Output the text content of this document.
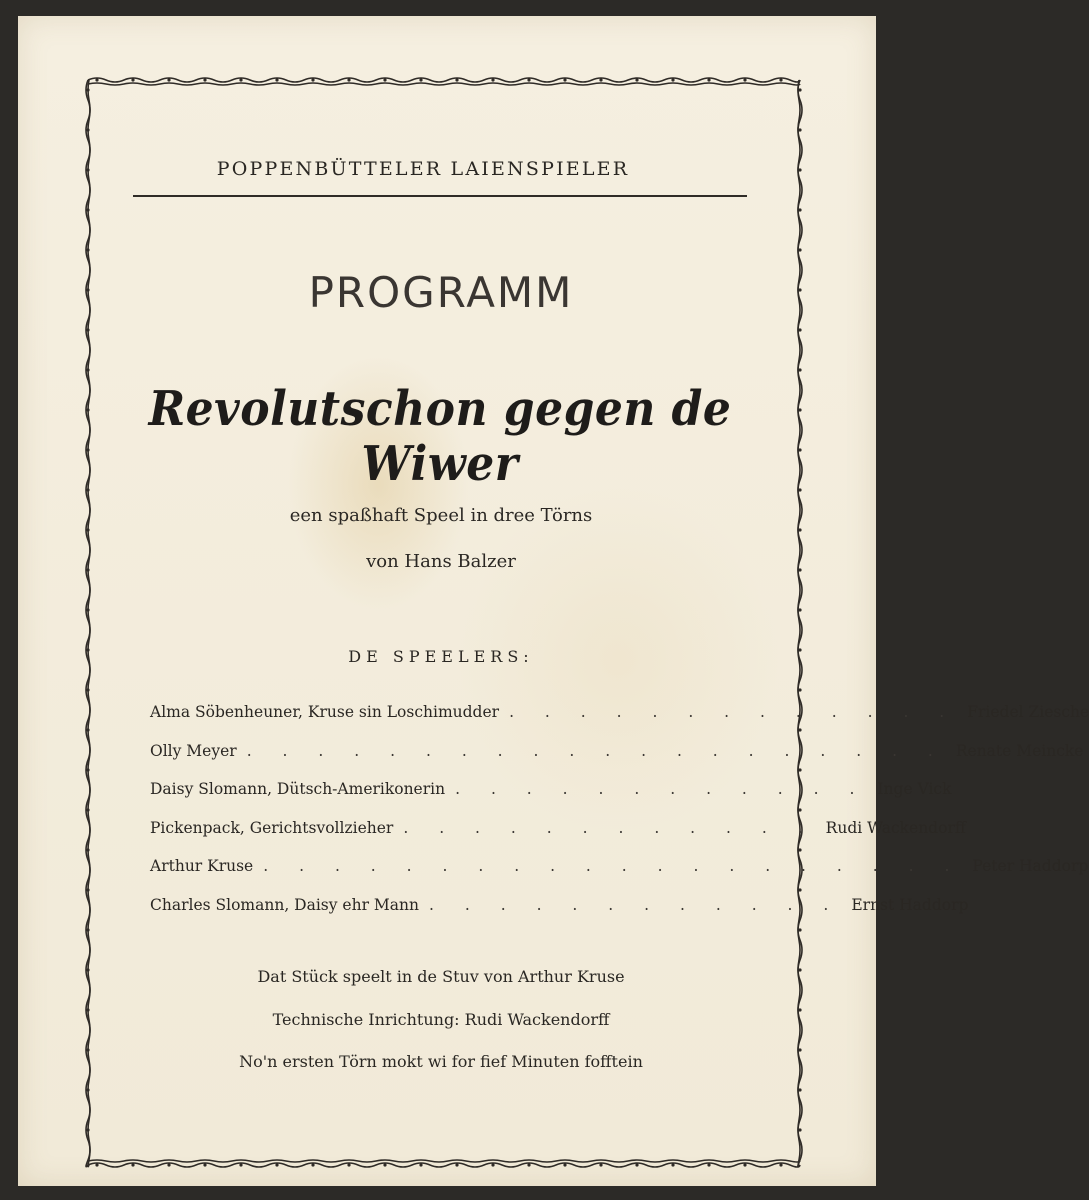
POPPENBÜTTELER LAIENSPIELER
PROGRAMM
Revolutschon gegen de Wiwer
een spaßhaft Speel in dree Törns
von Hans Balzer
DE SPEELERS:
Alma Söbenheuner, Kruse sin Loschimudder . . . . . . . . . . . . . Friedel Ziesche
Olly Meyer . . . . . . . . . . . . . . . . . . . . Renate Meincke
Daisy Slomann, Dütsch-Amerikonerin . . . . . . . . . . . . Inge Vick
Pickenpack, Gerichtsvollzieher . . . . . . . . . . . . Rudi Wackendorff
Arthur Kruse . . . . . . . . . . . . . . . . . . . . Peter Haddorp
Charles Slomann, Daisy ehr Mann . . . . . . . . . . . . Ernst Haddorp
Dat Stück speelt in de Stuv von Arthur Kruse
Technische Inrichtung: Rudi Wackendorff
No'n ersten Törn mokt wi for fief Minuten fofftein
